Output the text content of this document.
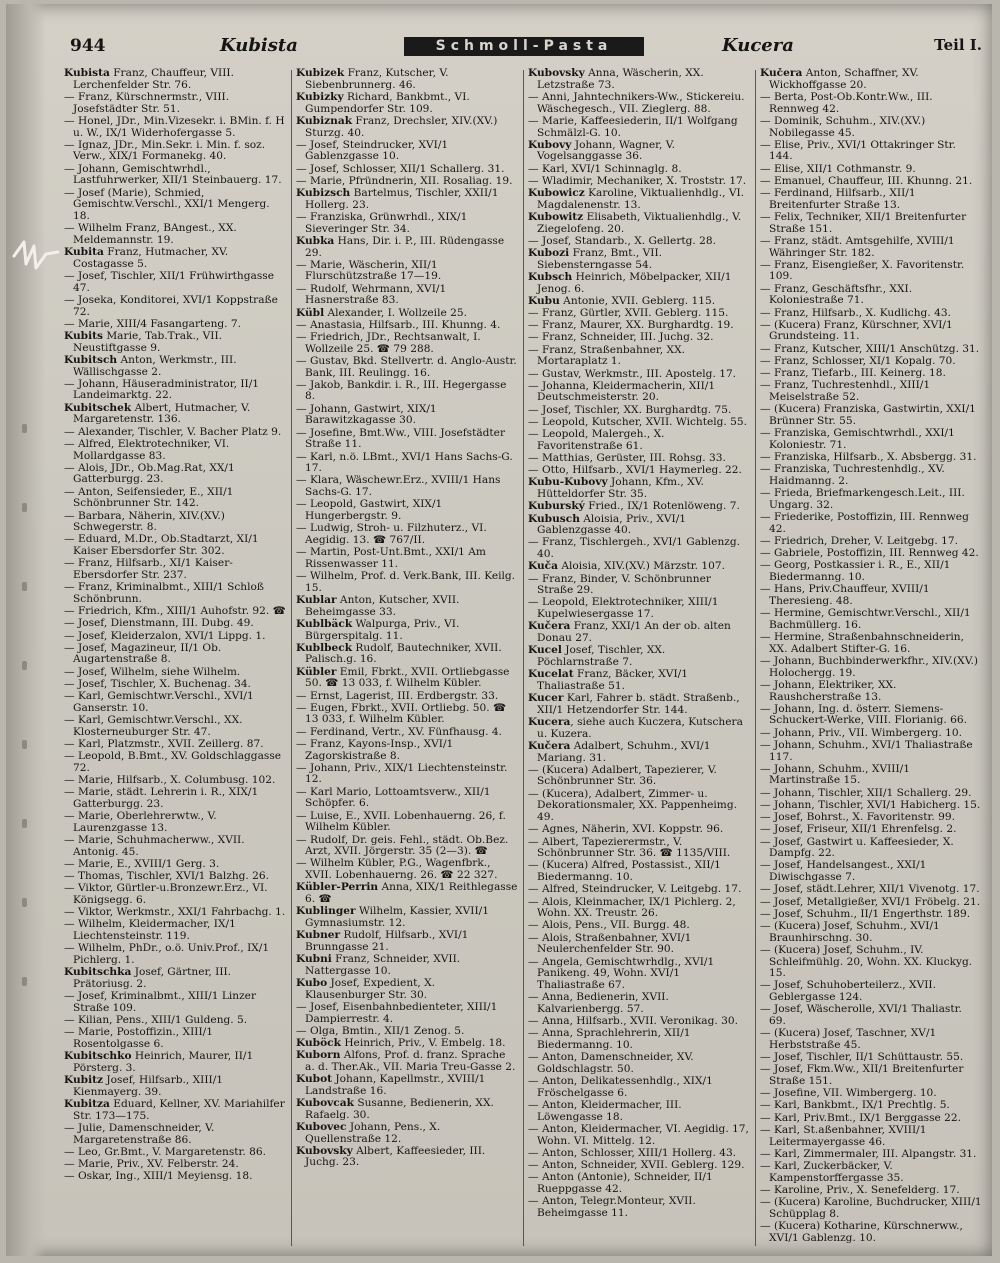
944	Kubista	Schmoll-Pasta	Kucera	Teil I.
Kubista Franz, Chauffeur, VIII. Lerchenfelder Str. 76.
— Franz, Kürschnermstr., VIII. Josefstädter Str. 51.
— Honel, JDr., Min.Vizesekr. i. BMin. f. H u. W., IX/1 Widerhofergasse 5.
— Ignaz, JDr., Min.Sekr. i. Min. f. soz. Verw., XIX/1 Formanekg. 40.
— Johann, Gemischtwrhdl., Lastfuhrwerker, XII/1 Steinbauerg. 17.
— Josef (Marie), Schmied, Gemischtw.Verschl., XXI/1 Mengerg. 18.
— Wilhelm Franz, BAngest., XX. Meldemannstr. 19.
Kubita Franz, Hutmacher, XV. Costagasse 5.
— Josef, Tischler, XII/1 Frühwirthgasse 47.
— Joseka, Konditorei, XVI/1 Koppstraße 72.
— Marie, XIII/4 Fasangarteng. 7.
Kubits Marie, Tab.Trak., VII. Neustiftgasse 9.
Kubitsch Anton, Werkmstr., III. Wällischgasse 2.
— Johann, Häuseradministrator, II/1 Landeimarktg. 22.
Kubitschek Albert, Hutmacher, V. Margaretenstr. 136.
— Alexander, Tischler, V. Bacher Platz 9.
— Alfred, Elektrotechniker, VI. Mollardgasse 83.
— Alois, JDr., Ob.Mag.Rat, XX/1 Gatterburgg. 23.
— Anton, Seifensieder, E., XII/1 Schönbrunner Str. 142.
— Barbara, Näherin, XIV.(XV.) Schwegerstr. 8.
— Eduard, M.Dr., Ob.Stadtarzt, XI/1 Kaiser Ebersdorfer Str. 302.
— Franz, Hilfsarb., XI/1 Kaiser-Ebersdorfer Str. 237.
— Franz, Kriminalbmt., XIII/1 Schloß Schönbrunn.
— Friedrich, Kfm., XIII/1 Auhofstr. 92. ☎
— Josef, Dienstmann, III. Dubg. 49.
— Josef, Kleiderzalon, XVI/1 Lippg. 1.
— Josef, Magazineur, II/1 Ob. Augartenstraße 8.
— Josef, Wilhelm, siehe Wilhelm.
— Josef, Tischler, X. Buchenag. 34.
— Karl, Gemischtwr.Verschl., XVI/1 Ganserstr. 10.
— Karl, Gemischtwr.Verschl., XX. Klosterneuburger Str. 47.
— Karl, Platzmstr., XVII. Zeillerg. 87.
— Leopold, B.Bmt., XV. Goldschlaggasse 72.
— Marie, Hilfsarb., X. Columbusg. 102.
— Marie, städt. Lehrerin i. R., XIX/1 Gatterburgg. 23.
— Marie, Oberlehrerwtw., V. Laurenzgasse 13.
— Marie, Schuhmacherww., XVII. Antonig. 45.
— Marie, E., XVIII/1 Gerg. 3.
— Thomas, Tischler, XVI/1 Balzhg. 26.
— Viktor, Gürtler-u.Bronzewr.Erz., VI. Königsegg. 6.
— Viktor, Werkmstr., XXI/1 Fahrbachg. 1.
— Wilhelm, Kleidermacher, IX/1 Liechtensteinstr. 119.
— Wilhelm, PhDr., o.ö. Univ.Prof., IX/1 Pichlerg. 1.
Kubitschka Josef, Gärtner, III. Prätoriusg. 2.
— Josef, Kriminalbmt., XIII/1 Linzer Straße 109.
— Kilian, Pens., XIII/1 Guldeng. 5.
— Marie, Postoffizin., XIII/1 Rosentolgasse 6.
Kubitschko Heinrich, Maurer, II/1 Pörsterg. 3.
Kubitz Josef, Hilfsarb., XIII/1 Kienmayerg. 39.
Kubitza Eduard, Kellner, XV. Mariahilfer Str. 173—175.
— Julie, Damenschneider, V. Margaretenstraße 86.
— Leo, Gr.Bmt., V. Margaretenstr. 86.
— Marie, Priv., XV. Felberstr. 24.
— Oskar, Ing., XIII/1 Meyiensg. 18.
Kubizek Franz, Kutscher, V. Siebenbrunnerg. 46.
Kubizky Richard, Bankbmt., VI. Gumpendorfer Str. 109.
Kubiznak Franz, Drechsler, XIV.(XV.) Sturzg. 40.
— Josef, Steindrucker, XVI/1 Gablenzgasse 10.
— Josef, Schlosser, XII/1 Schallerg. 31.
— Marie, Pfründnerin, XII. Rosaliag. 19.
Kubizsch Bartelmus, Tischler, XXII/1 Hollerg. 23.
— Franziska, Grünwrhdl., XIX/1 Sieveringer Str. 34.
Kubka Hans, Dir. i. P., III. Rüdengasse 29.
— Marie, Wäscherin, XII/1 Flurschützstraße 17—19.
— Rudolf, Wehrmann, XVI/1 Hasnerstraße 83.
Kübl Alexander, I. Wollzeile 25.
— Anastasia, Hilfsarb., III. Khunng. 4.
— Friedrich, JDr., Rechtsanwalt, I. Wollzeile 25. ☎ 79 288.
— Gustav, Bkd. Stellvertr. d. Anglo-Austr. Bank, III. Reulingg. 16.
— Jakob, Bankdir. i. R., III. Hegergasse 8.
— Johann, Gastwirt, XIX/1 Barawitzkagasse 30.
— Josefine, Bmt.Ww., VIII. Josefstädter Straße 11.
— Karl, n.ö. LBmt., XVI/1 Hans Sachs-G. 17.
— Klara, Wäschewr.Erz., XVIII/1 Hans Sachs-G. 17.
— Leopold, Gastwirt, XIX/1 Hungerbergstr. 9.
— Ludwig, Stroh- u. Filzhuterz., VI. Aegidig. 13. ☎ 767/II.
— Martin, Post-Unt.Bmt., XXI/1 Am Rissenwasser 11.
— Wilhelm, Prof. d. Verk.Bank, III. Keilg. 15.
Kublar Anton, Kutscher, XVII. Beheimgasse 33.
Kublbäck Walpurga, Priv., VI. Bürgerspitalg. 11.
Kublbeck Rudolf, Bautechniker, XVII. Palisch.g. 16.
Kübler Emil, Fbrkt., XVII. Ortliebgasse 50. ☎ 13 033, f. Wilhelm Kübler.
— Ernst, Lagerist, III. Erdbergstr. 33.
— Eugen, Fbrkt., XVII. Ortliebg. 50. ☎ 13 033, f. Wilhelm Kübler.
— Ferdinand, Vertr., XV. Fünfhausg. 4.
— Franz, Kayons-Insp., XVI/1 Zagorskistraße 8.
— Johann, Priv., XIX/1 Liechtensteinstr. 12.
— Karl Mario, Lottoamtsverw., XII/1 Schöpfer. 6.
— Luise, E., XVII. Lobenhauerng. 26, f. Wilhelm Kübler.
— Rudolf, Dr. geis. Fehl., städt. Ob.Bez. Arzt, XVII. Jörgerstr. 35 (2—3). ☎
— Wilhelm Kübler, P.G., Wagenfbrk., XVII. Lobenhauerng. 26. ☎ 22 327.
Kübler-Perrin Anna, XIX/1 Reithlegasse 6. ☎
Kublinger Wilhelm, Kassier, XVII/1 Gymnasiumstr. 12.
Kubner Rudolf, Hilfsarb., XVI/1 Brunngasse 21.
Kubni Franz, Schneider, XVII. Nattergasse 10.
Kubo Josef, Expedient, X. Klausenburger Str. 30.
— Josef, Eisenbahnbedienteter, XIII/1 Dampierrestr. 4.
— Olga, Bmtin., XII/1 Zenog. 5.
Kuböck Heinrich, Priv., V. Embelg. 18.
Kuborn Alfons, Prof. d. franz. Sprache a. d. Ther.Ak., VII. Maria Treu-Gasse 2.
Kubot Johann, Kapellmstr., XVIII/1 Landstraße 16.
Kubovcak Susanne, Bedienerin, XX. Rafaelg. 30.
Kubovec Johann, Pens., X. Quellenstraße 12.
Kubovsky Albert, Kaffeesieder, III. Juchg. 23.
Kubovsky Anna, Wäscherin, XX. Letzstraße 73.
— Anni, Jahntechnikers-Ww., Stickereiu. Wäschegesch., VII. Zieglerg. 88.
— Marie, Kaffeesiederin, II/1 Wolfgang Schmälzl-G. 10.
Kubovy Johann, Wagner, V. Vogelsanggasse 36.
— Karl, XVI/1 Schinnaglg. 8.
— Wladimir, Mechaniker, X. Troststr. 17.
Kubowicz Karoline, Viktualienhdlg., VI. Magdalenenstr. 13.
Kubowitz Elisabeth, Viktualienhdlg., V. Ziegelofeng. 20.
— Josef, Standarb., X. Gellertg. 28.
Kubozi Franz, Bmt., VII. Siebensterngasse 54.
Kubsch Heinrich, Möbelpacker, XII/1 Jenog. 6.
Kubu Antonie, XVII. Geblerg. 115.
— Franz, Gürtler, XVII. Geblerg. 115.
— Franz, Maurer, XX. Burghardtg. 19.
— Franz, Schneider, III. Juchg. 32.
— Franz, Straßenbahner, XX. Mortaraplatz 1.
— Gustav, Werkmstr., III. Apostelg. 17.
— Johanna, Kleidermacherin, XII/1 Deutschmeisterstr. 20.
— Josef, Tischler, XX. Burghardtg. 75.
— Leopold, Kutscher, XVII. Wichtelg. 55.
— Leopold, Malergeh., X. Favoritenstraße 61.
— Matthias, Gerüster, III. Rohsg. 33.
— Otto, Hilfsarb., XVI/1 Haymerleg. 22.
Kubu-Kubovy Johann, Kfm., XV. Hütteldorfer Str. 35.
Kuburský Fried., IX/1 Rotenlöweng. 7.
Kubusch Aloisia, Priv., XVI/1 Gablenzgasse 40.
— Franz, Tischlergeh., XVI/1 Gablenzg. 40.
Kuča Aloisia, XIV.(XV.) Märzstr. 107.
— Franz, Binder, V. Schönbrunner Straße 29.
— Leopold, Elektrotechniker, XIII/1 Kupelwiesergasse 17.
Kučera Franz, XXI/1 An der ob. alten Donau 27.
Kucel Josef, Tischler, XX. Pöchlarnstraße 7.
Kucelat Franz, Bäcker, XVI/1 Thaliastraße 51.
Kucer Karl, Fahrer b. städt. Straßenb., XII/1 Hetzendorfer Str. 144.
Kucera, siehe auch Kuczera, Kutschera u. Kuzera.
Kučera Adalbert, Schuhm., XVI/1 Mariang. 31.
— (Kucera) Adalbert, Tapezierer, V. Schönbrunner Str. 36.
— (Kucera), Adalbert, Zimmer- u. Dekorationsmaler, XX. Pappenheimg. 49.
— Agnes, Näherin, XVI. Koppstr. 96.
— Albert, Tapezierermstr., V. Schönbrunner Str. 36. ☎ 1135/VIII.
— (Kucera) Alfred, Postassist., XII/1 Biedermanng. 10.
— Alfred, Steindrucker, V. Leitgebg. 17.
— Alois, Kleinmacher, IX/1 Pichlerg. 2, Wohn. XX. Treustr. 26.
— Alois, Pens., VII. Burgg. 48.
— Alois, Straßenbahner, XVI/1 Neulerchenfelder Str. 90.
— Angela, Gemischtwrhdlg., XVI/1 Panikeng. 49, Wohn. XVI/1 Thaliastraße 67.
— Anna, Bedienerin, XVII. Kalvarienbergg. 57.
— Anna, Hilfsarb., XVII. Veronikag. 30.
— Anna, Sprachlehrerin, XII/1 Biedermanng. 10.
— Anton, Damenschneider, XV. Goldschlagstr. 50.
— Anton, Delikatessenhdlg., XIX/1 Fröschelgasse 6.
— Anton, Kleidermacher, III. Löwengasse 18.
— Anton, Kleidermacher, VI. Aegidig. 17, Wohn. VI. Mittelg. 12.
— Anton, Schlosser, XIII/1 Hollerg. 43.
— Anton, Schneider, XVII. Geblerg. 129.
— Anton (Antonie), Schneider, II/1 Rueppgasse 42.
— Anton, Telegr.Monteur, XVII. Beheimgasse 11.
Kučera Anton, Schaffner, XV. Wickhoffgasse 20.
— Berta, Post-Ob.Kontr.Ww., III. Rennweg 42.
— Dominik, Schuhm., XIV.(XV.) Nobilegasse 45.
— Elise, Priv., XVI/1 Ottakringer Str. 144.
— Elise, XII/1 Cothmanstr. 9.
— Emanuel, Chauffeur, III. Khunng. 21.
— Ferdinand, Hilfsarb., XII/1 Breitenfurter Straße 13.
— Felix, Techniker, XII/1 Breitenfurter Straße 151.
— Franz, städt. Amtsgehilfe, XVIII/1 Währinger Str. 182.
— Franz, Eisengießer, X. Favoritenstr. 109.
— Franz, Geschäftsfhr., XXI. Koloniestraße 71.
— Franz, Hilfsarb., X. Kudlichg. 43.
— (Kucera) Franz, Kürschner, XVI/1 Grundsteing. 11.
— Franz, Kutscher, XIII/1 Anschützg. 31.
— Franz, Schlosser, XI/1 Kopalg. 70.
— Franz, Tiefarb., III. Keinerg. 18.
— Franz, Tuchrestenhdl., XIII/1 Meiselstraße 52.
— (Kucera) Franziska, Gastwirtin, XXI/1 Brünner Str. 55.
— Franziska, Gemischtwrhdl., XXI/1 Koloniestr. 71.
— Franziska, Hilfsarb., X. Absbergg. 31.
— Franziska, Tuchrestenhdlg., XV. Haidmanng. 2.
— Frieda, Briefmarkengesch.Leit., III. Ungarg. 32.
— Friederike, Postoffizin, III. Rennweg 42.
— Friedrich, Dreher, V. Leitgebg. 17.
— Gabriele, Postoffizin, III. Rennweg 42.
— Georg, Postkassier i. R., E., XII/1 Biedermanng. 10.
— Hans, Priv.Chauffeur, XVIII/1 Theresieng. 48.
— Hermine, Gemischtwr.Verschl., XII/1 Bachmüllerg. 16.
— Hermine, Straßenbahnschneiderin, XX. Adalbert Stifter-G. 16.
— Johann, Buchbinderwerkfhr., XIV.(XV.) Holochergg. 19.
— Johann, Elektriker, XX. Raushcherstraße 13.
— Johann, Ing. d. österr. Siemens-Schuckert-Werke, VIII. Florianig. 66.
— Johann, Priv., VII. Wimbergerg. 10.
— Johann, Schuhm., XVI/1 Thaliastraße 117.
— Johann, Schuhm., XVIII/1 Martinstraße 15.
— Johann, Tischler, XII/1 Schallerg. 29.
— Johann, Tischler, XVI/1 Habicherg. 15.
— Josef, Bohrst., X. Favoritenstr. 99.
— Josef, Friseur, XII/1 Ehrenfelsg. 2.
— Josef, Gastwirt u. Kaffeesieder, X. Dampfg. 22.
— Josef, Handelsangest., XXI/1 Diwischgasse 7.
— Josef, städt.Lehrer, XII/1 Vivenotg. 17.
— Josef, Metallgießer, XVI/1 Fröbelg. 21.
— Josef, Schuhm., II/1 Engerthstr. 189.
— (Kucera) Josef, Schuhm., XVI/1 Braunhirschng. 30.
— (Kucera) Josef, Schuhm., IV. Schleifmühlg. 20, Wohn. XX. Kluckyg. 15.
— Josef, Schuhoberteilerz., XVII. Geblergasse 124.
— Josef, Wäscherolle, XVI/1 Thaliastr. 69.
— (Kucera) Josef, Taschner, XV/1 Herbststraße 45.
— Josef, Tischler, II/1 Schüttaustr. 55.
— Josef, Fkm.Ww., XII/1 Breitenfurter Straße 151.
— Josefine, VII. Wimbergerg. 10.
— Karl, Bankbmt., IX/1 Prechtlg. 5.
— Karl, Priv.Bmt., IX/1 Berggasse 22.
— Karl, St.aßenbahner, XVIII/1 Leitermayergasse 46.
— Karl, Zimmermaler, III. Alpangstr. 31.
— Karl, Zuckerbäcker, V. Kampenstorffergasse 35.
— Karoline, Priv., X. Senefelderg. 17.
— (Kucera) Karoline, Buchdrucker, XIII/1 Schüpplag 8.
— (Kucera) Kotharine, Kürschnerww., XVI/1 Gablenzg. 10.
